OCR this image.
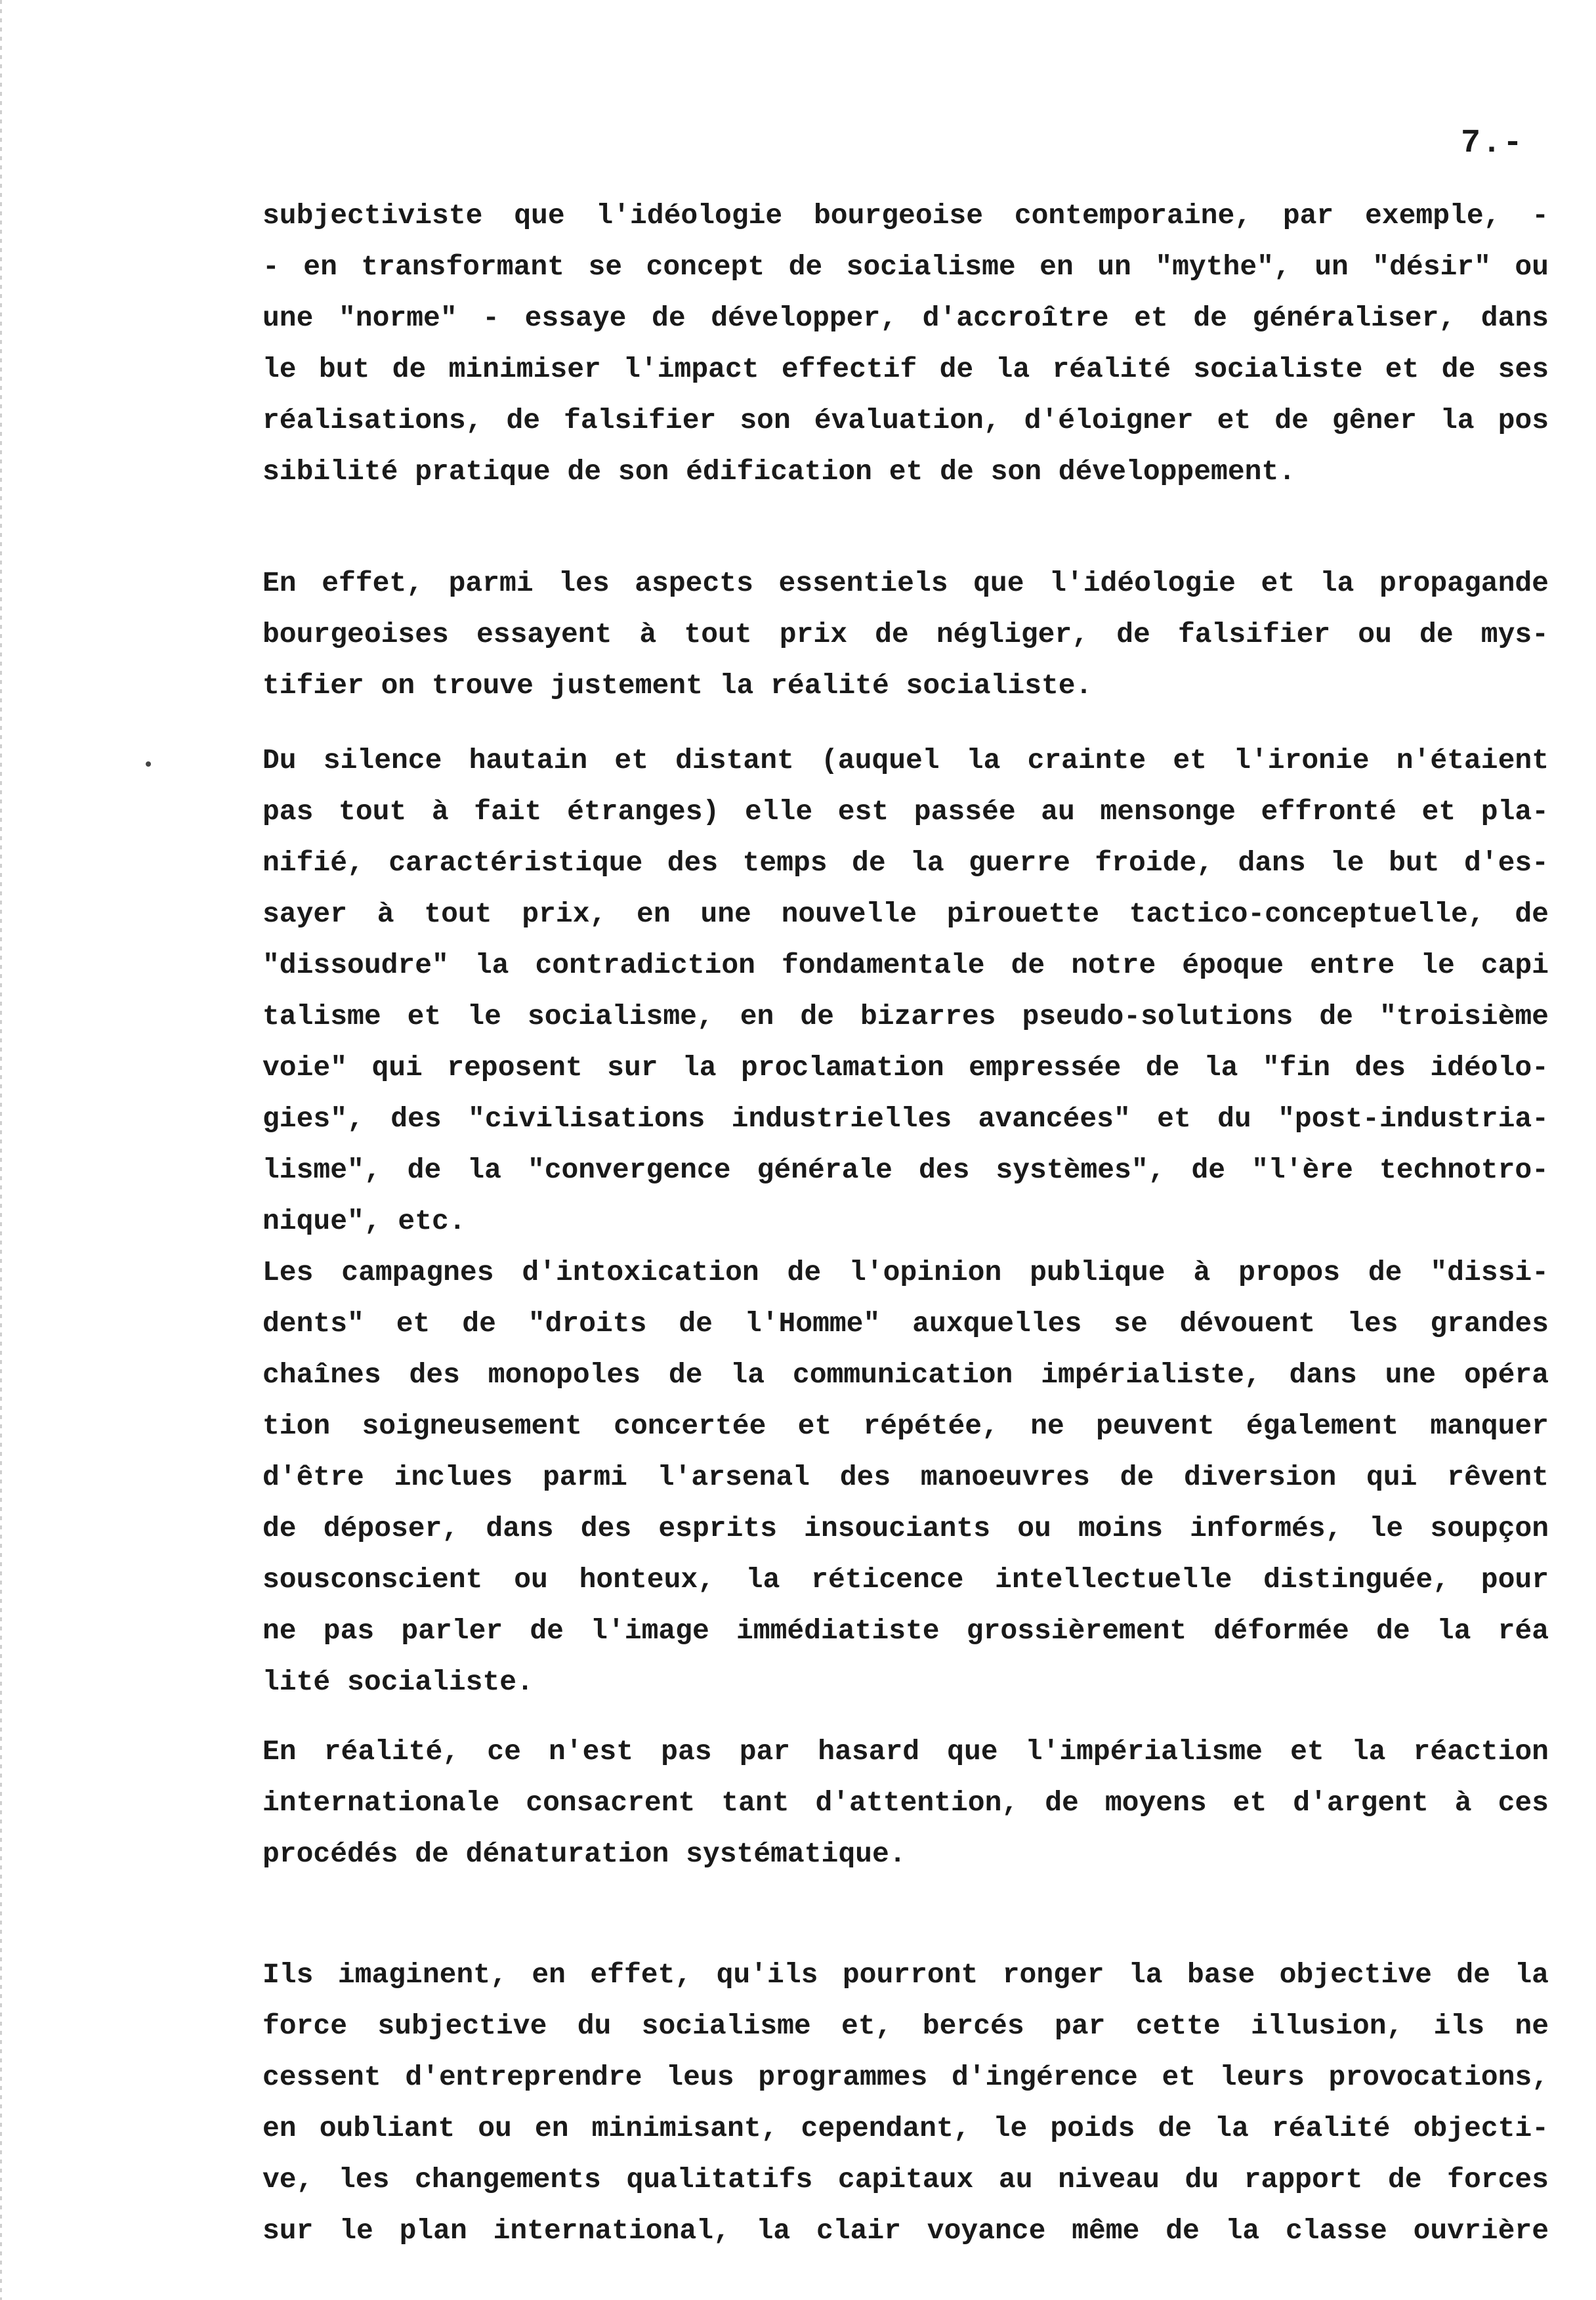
7.-
subjectiviste que l'idéologie bourgeoise contemporaine, par exemple, -
- en transformant se concept de socialisme en un "mythe", un "désir" ou
une "norme" - essaye de développer, d'accroître et de généraliser, dans
le but de minimiser l'impact effectif de la réalité socialiste et de ses
réalisations, de falsifier son évaluation, d'éloigner et de gêner la pos
sibilité pratique de son édification et de son développement.
En effet, parmi les aspects essentiels que l'idéologie et la propagande
bourgeoises essayent à tout prix de négliger, de falsifier ou de mys-
tifier on trouve justement la réalité socialiste.
Du silence hautain et distant (auquel la crainte et l'ironie n'étaient
pas tout à fait étranges) elle est passée au mensonge effronté et pla-
nifié, caractéristique des temps de la guerre froide, dans le but d'es-
sayer à tout prix, en une nouvelle pirouette tactico-conceptuelle, de
"dissoudre" la contradiction fondamentale de notre époque entre le capi
talisme et le socialisme, en de bizarres pseudo-solutions de "troisième
voie" qui reposent sur la proclamation empressée de la "fin des idéolo-
gies", des "civilisations industrielles avancées" et du "post-industria-
lisme", de la "convergence générale des systèmes", de "l'ère technotro-
nique", etc.
Les campagnes d'intoxication de l'opinion publique à propos de "dissi-
dents" et de "droits de l'Homme" auxquelles se dévouent les grandes
chaînes des monopoles de la communication impérialiste, dans une opéra
tion soigneusement concertée et répétée, ne peuvent également manquer
d'être inclues parmi l'arsenal des manoeuvres de diversion qui rêvent
de déposer, dans des esprits insouciants ou moins informés, le soupçon
sousconscient ou honteux, la réticence intellectuelle distinguée, pour
ne pas parler de l'image immédiatiste grossièrement déformée de la réa
lité socialiste.
En réalité, ce n'est pas par hasard que l'impérialisme et la réaction
internationale consacrent tant d'attention, de moyens et d'argent à ces
procédés de dénaturation systématique.
Ils imaginent, en effet, qu'ils pourront ronger la base objective de la
force subjective du socialisme et, bercés par cette illusion, ils ne
cessent d'entreprendre leus programmes d'ingérence et leurs provocations,
en oubliant ou en minimisant, cependant, le poids de la réalité objecti-
ve, les changements qualitatifs capitaux au niveau du rapport de forces
sur le plan international, la clair voyance même de la classe ouvrière
